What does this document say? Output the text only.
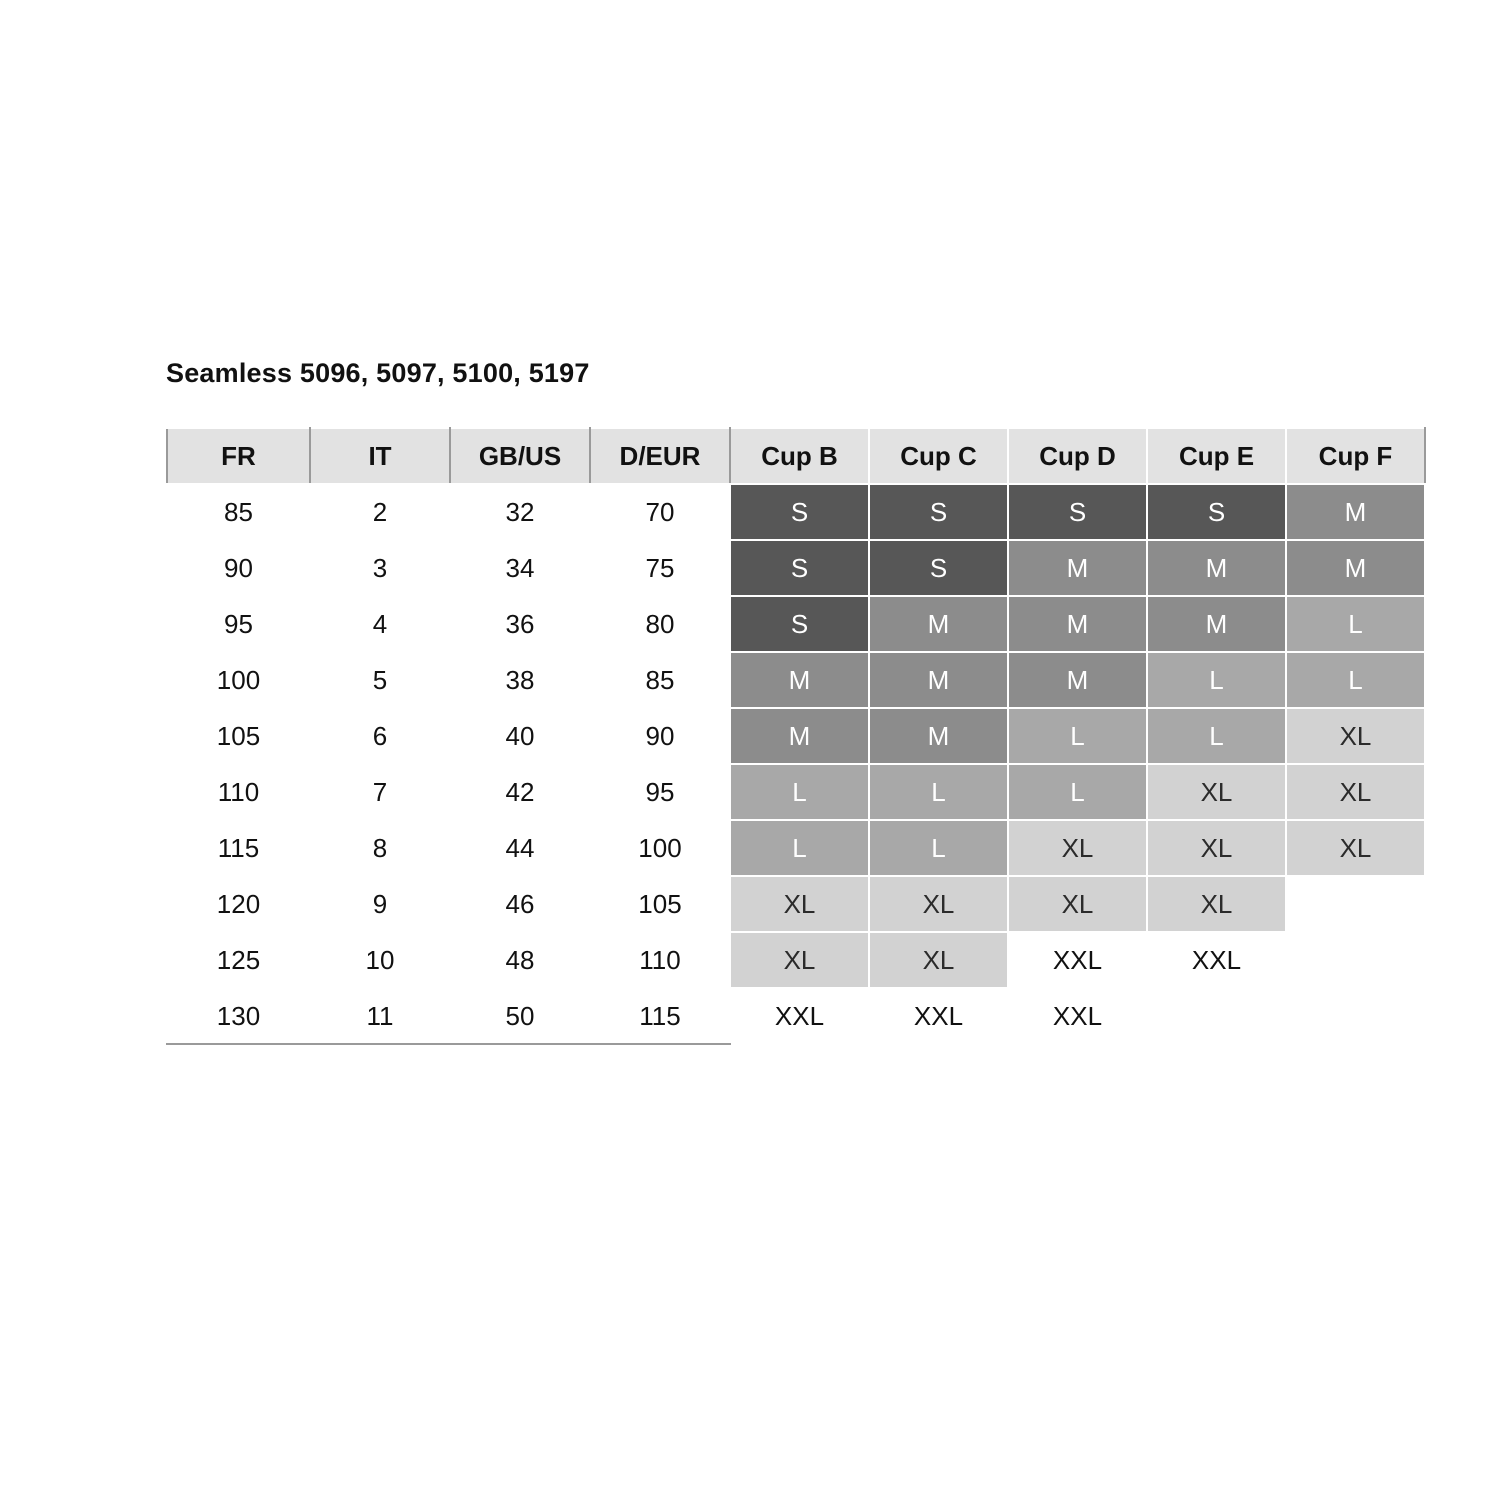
Seamless 5096, 5097, 5100, 5197
FR	IT	GB/US	D/EUR	Cup B	Cup C	Cup D	Cup E	Cup F
85	2	32	70	S	S	S	S	M
90	3	34	75	S	S	M	M	M
95	4	36	80	S	M	M	M	L
100	5	38	85	M	M	M	L	L
105	6	40	90	M	M	L	L	XL
110	7	42	95	L	L	L	XL	XL
115	8	44	100	L	L	XL	XL	XL
120	9	46	105	XL	XL	XL	XL	
125	10	48	110	XL	XL	XXL	XXL	
130	11	50	115	XXL	XXL	XXL		
